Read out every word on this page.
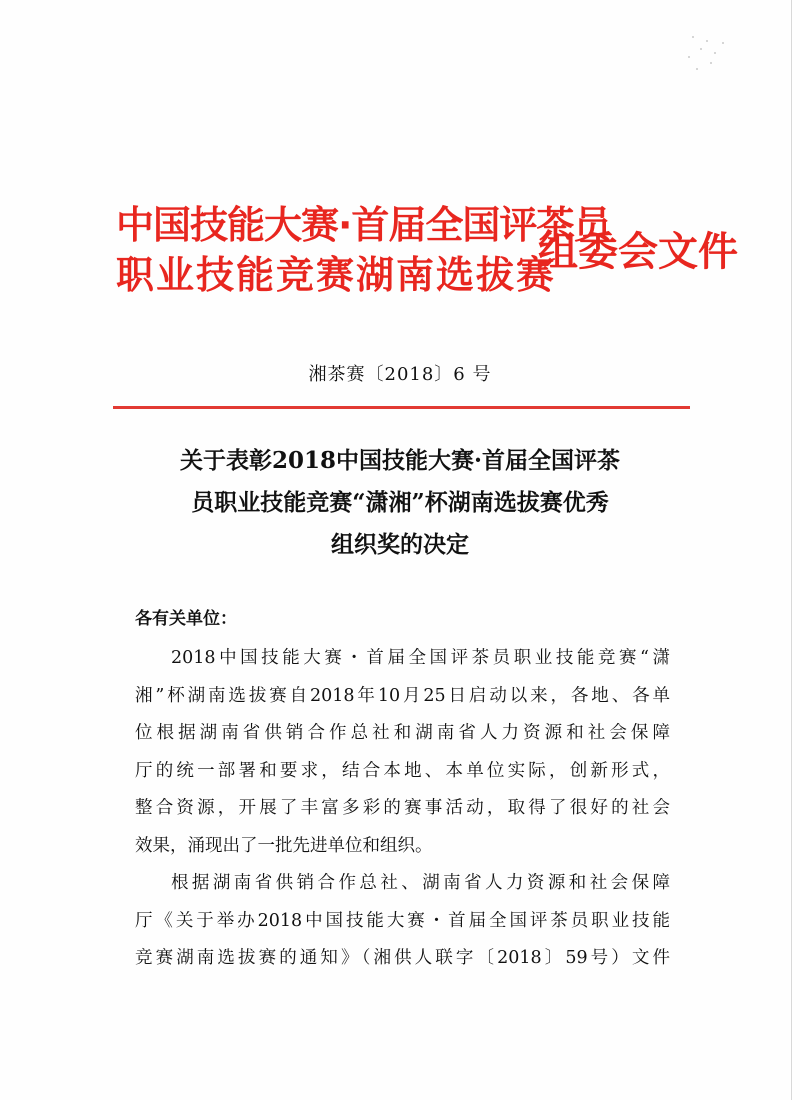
中国技能大赛·首届全国评茶员
职业技能竞赛湖南选拔赛
组委会文件
湘茶赛〔2018〕6 号
关于表彰2018中国技能大赛·首届全国评茶
员职业技能竞赛“潇湘”杯湖南选拔赛优秀
组织奖的决定
各有关单位：
2018中国技能大赛・首届全国评茶员职业技能竞赛“潇
湘”杯湖南选拔赛自2018年10月25日启动以来，各地、各单
位根据湖南省供销合作总社和湖南省人力资源和社会保障
厅的统一部署和要求，结合本地、本单位实际，创新形式，
整合资源，开展了丰富多彩的赛事活动，取得了很好的社会
效果，涌现出了一批先进单位和组织。
根据湖南省供销合作总社、湖南省人力资源和社会保障
厅《关于举办2018中国技能大赛・首届全国评茶员职业技能
竞赛湖南选拔赛的通知》（湘供人联字〔2018〕59号）文件
